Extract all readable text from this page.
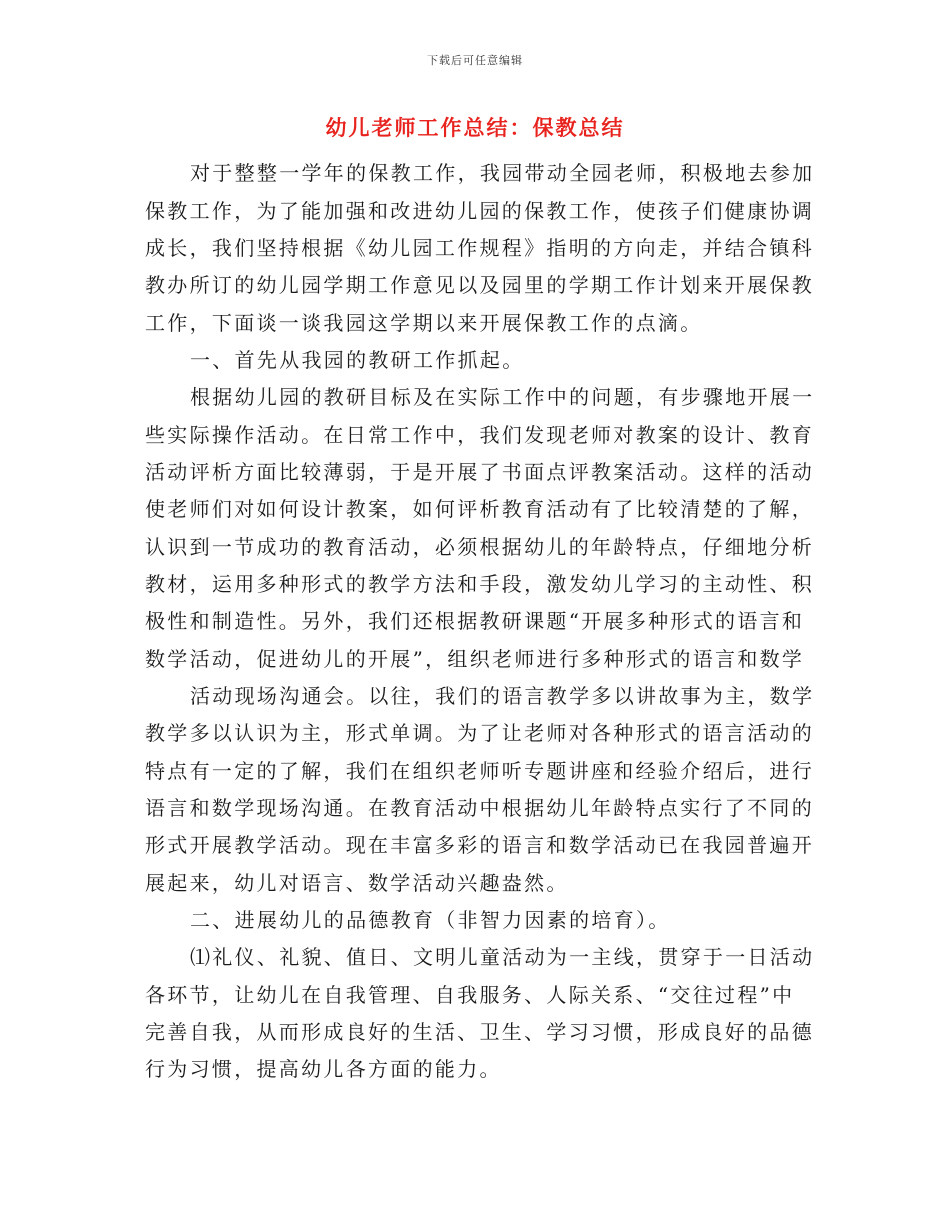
下载后可任意编辑
幼儿老师工作总结：保教总结
对于整整一学年的保教工作，我园带动全园老师，积极地去参加
保教工作，为了能加强和改进幼儿园的保教工作，使孩子们健康协调
成长，我们坚持根据《幼儿园工作规程》指明的方向走，并结合镇科
教办所订的幼儿园学期工作意见以及园里的学期工作计划来开展保教
工作，下面谈一谈我园这学期以来开展保教工作的点滴。
一、首先从我园的教研工作抓起。
根据幼儿园的教研目标及在实际工作中的问题，有步骤地开展一
些实际操作活动。在日常工作中，我们发现老师对教案的设计、教育
活动评析方面比较薄弱，于是开展了书面点评教案活动。这样的活动
使老师们对如何设计教案，如何评析教育活动有了比较清楚的了解，
认识到一节成功的教育活动，必须根据幼儿的年龄特点，仔细地分析
教材，运用多种形式的教学方法和手段，激发幼儿学习的主动性、积
极性和制造性。另外，我们还根据教研课题“开展多种形式的语言和
数学活动，促进幼儿的开展”，组织老师进行多种形式的语言和数学
活动现场沟通会。以往，我们的语言教学多以讲故事为主，数学
教学多以认识为主，形式单调。为了让老师对各种形式的语言活动的
特点有一定的了解，我们在组织老师听专题讲座和经验介绍后，进行
语言和数学现场沟通。在教育活动中根据幼儿年龄特点实行了不同的
形式开展教学活动。现在丰富多彩的语言和数学活动已在我园普遍开
展起来，幼儿对语言、数学活动兴趣盎然。
二、进展幼儿的品德教育（非智力因素的培育）。
⑴礼仪、礼貌、值日、文明儿童活动为一主线，贯穿于一日活动
各环节，让幼儿在自我管理、自我服务、人际关系、“交往过程”中
完善自我，从而形成良好的生活、卫生、学习习惯，形成良好的品德
行为习惯，提高幼儿各方面的能力。
